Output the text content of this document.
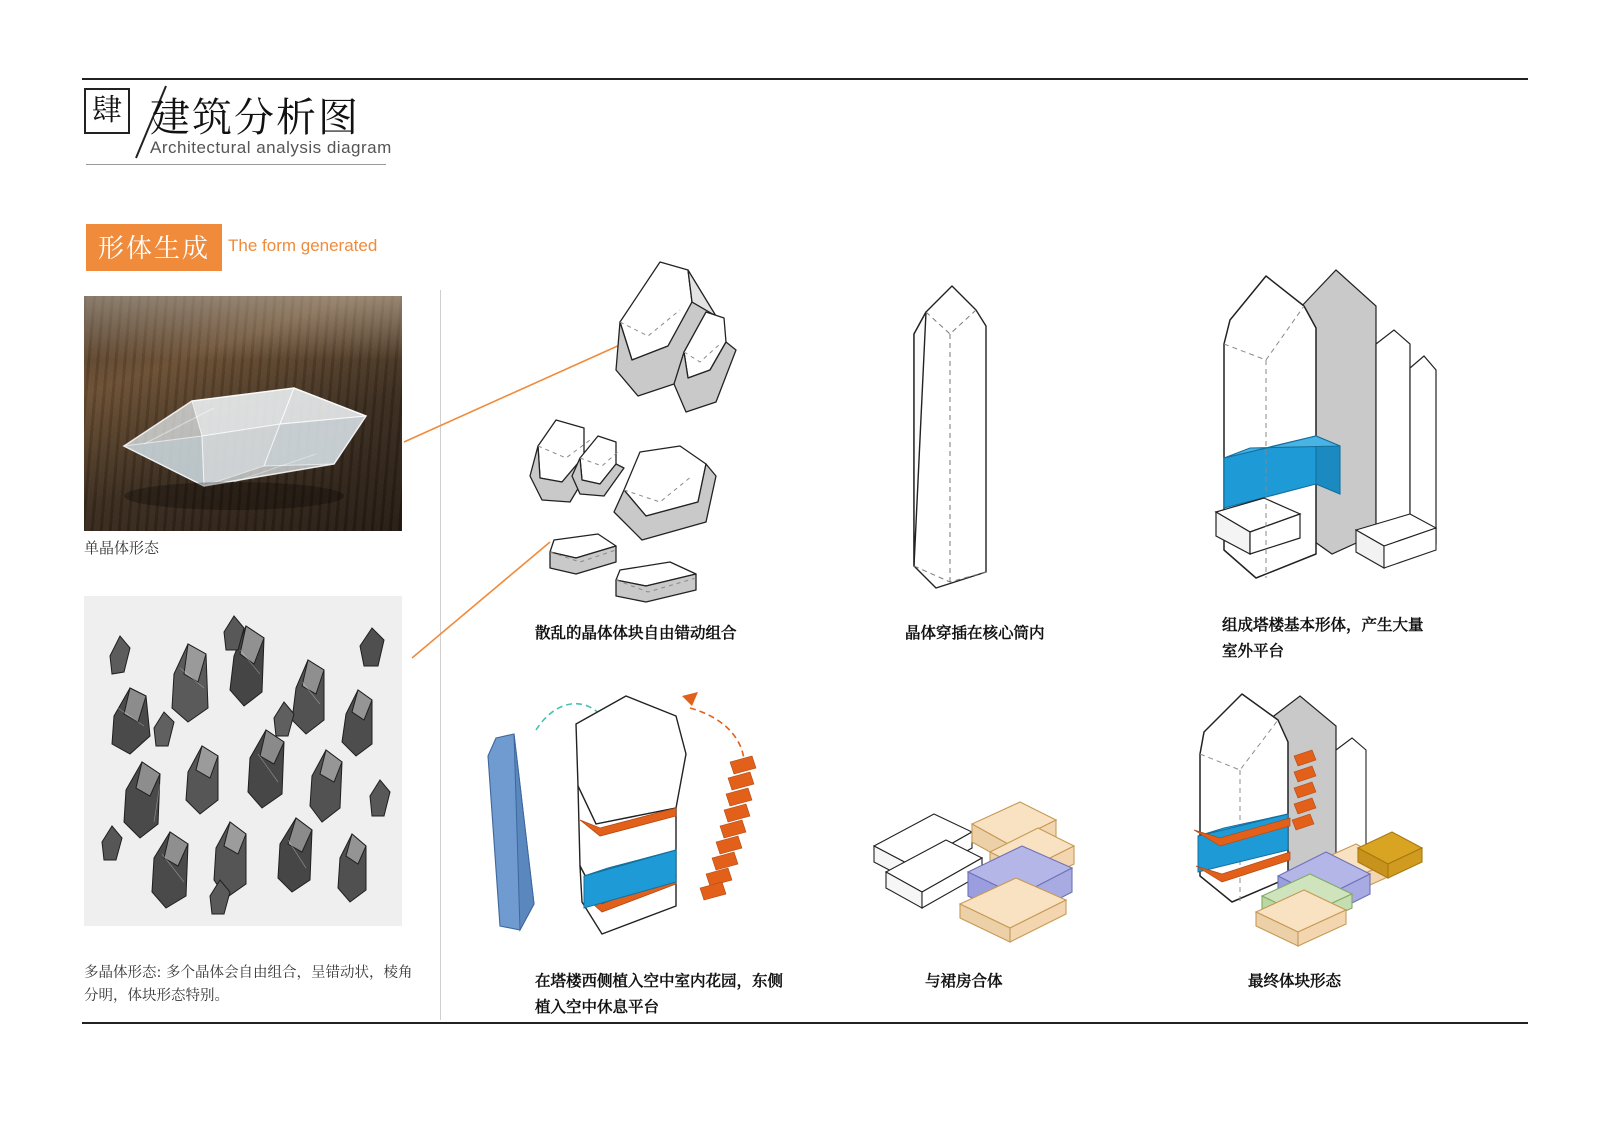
肆 建筑分析图
Architectural analysis diagram
形体生成	The form generated
单晶体形态
多晶体形态: 多个晶体会自由组合，呈错动状，棱角分明，体块形态特别。
散乱的晶体体块自由错动组合	晶体穿插在核心筒内	组成塔楼基本形体，产生大量室外平台
在塔楼西侧植入空中室内花园，东侧植入空中休息平台
与裙房合体	最终体块形态
